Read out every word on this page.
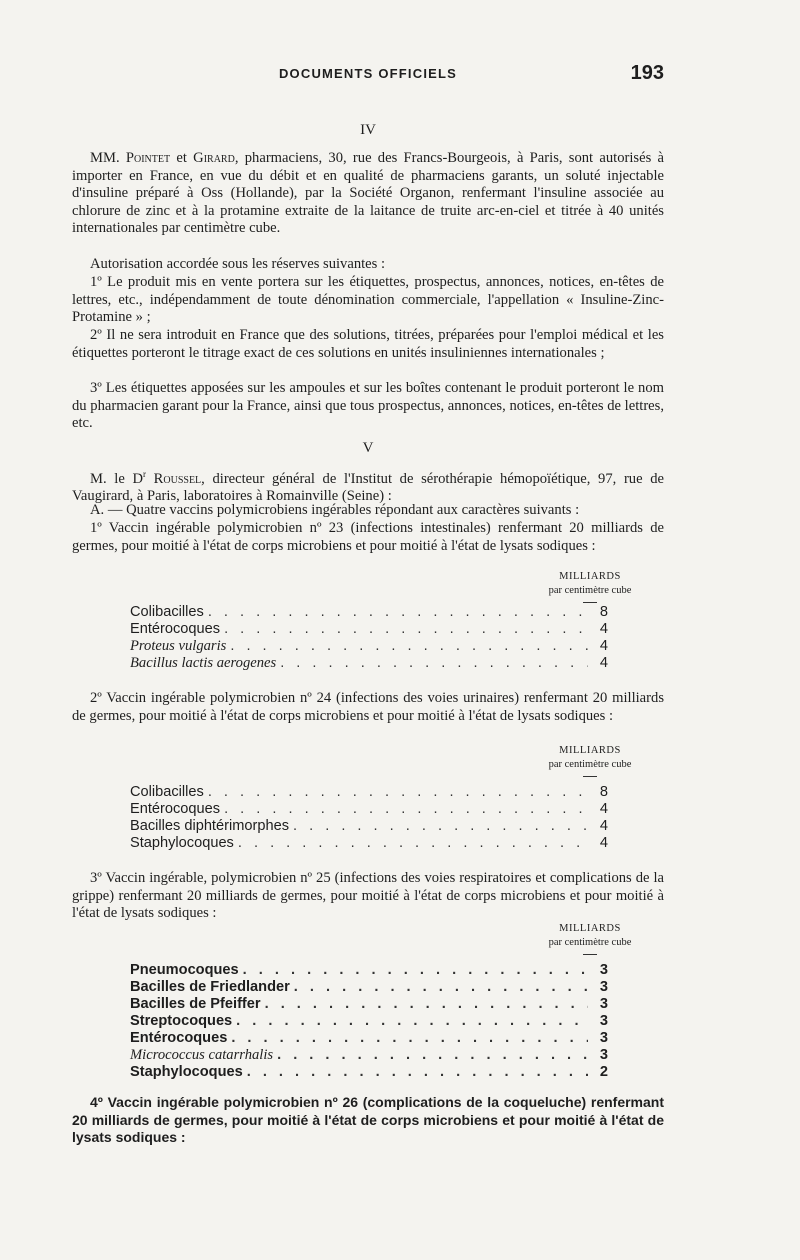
DOCUMENTS OFFICIELS	193
IV

MM. Pointet et Girard, pharmaciens, 30, rue des Francs-Bourgeois, à Paris, sont autorisés à importer en France, en vue du débit et en qualité de pharmaciens garants, un soluté injectable d'insuline préparé à Oss (Hollande), par la Société Organon, renfermant l'insuline associée au chlorure de zinc et à la protamine extraite de la laitance de truite arc-en-ciel et titrée à 40 unités internationales par centimètre cube.

Autorisation accordée sous les réserves suivantes :

1º Le produit mis en vente portera sur les étiquettes, prospectus, annonces, notices, en-têtes de lettres, etc., indépendamment de toute dénomination commerciale, l'appellation « Insuline-Zinc-Protamine » ;

2º Il ne sera introduit en France que des solutions, titrées, préparées pour l'emploi médical et les étiquettes porteront le titrage exact de ces solutions en unités insuliniennes internationales ;

3º Les étiquettes apposées sur les ampoules et sur les boîtes contenant le produit porteront le nom du pharmacien garant pour la France, ainsi que tous prospectus, annonces, notices, en-têtes de lettres, etc.

V

M. le $D^r$ Roussel, directeur général de l'Institut de sérothérapie hémopoïétique, 97, rue de Vaugirard, à Paris, laboratoires à Romainville (Seine) :

A. — Quatre vaccins polymicrobiens ingérables répondant aux caractères suivants :

1º Vaccin ingérable polymicrobien nº 23 (infections intestinales) renfermant 20 milliards de germes, pour moitié à l'état de corps microbiens et pour moitié à l'état de lysats sodiques :

MILLIARDS
par centimètre cube
Colibacilles . . .	8
Entérocoques . . .	4
Proteus vulgaris . . .	4
Bacillus lactis aerogenes . . .	4

2º Vaccin ingérable polymicrobien nº 24 (infections des voies urinaires) renfermant 20 milliards de germes, pour moitié à l'état de corps microbiens et pour moitié à l'état de lysats sodiques :

MILLIARDS
par centimètre cube
Colibacilles . . .	8
Entérocoques . . .	4
Bacilles diphtérimorphes . . .	4
Staphylocoques . . .	4

3º Vaccin ingérable, polymicrobien nº 25 (infections des voies respiratoires et complications de la grippe) renfermant 20 milliards de germes, pour moitié à l'état de corps microbiens et pour moitié à l'état de lysats sodiques :

MILLIARDS
par centimètre cube
Pneumocoques . . .	3
Bacilles de Friedlander . . .	3
Bacilles de Pfeiffer . . .	3
Streptocoques . . .	3
Entérocoques . . .	3
Micrococcus catarrhalis . . .	3
Staphylocoques . . .	2

4º Vaccin ingérable polymicrobien nº 26 (complications de la coqueluche) renfermant 20 milliards de germes, pour moitié à l'état de corps microbiens et pour moitié à l'état de lysats sodiques :
